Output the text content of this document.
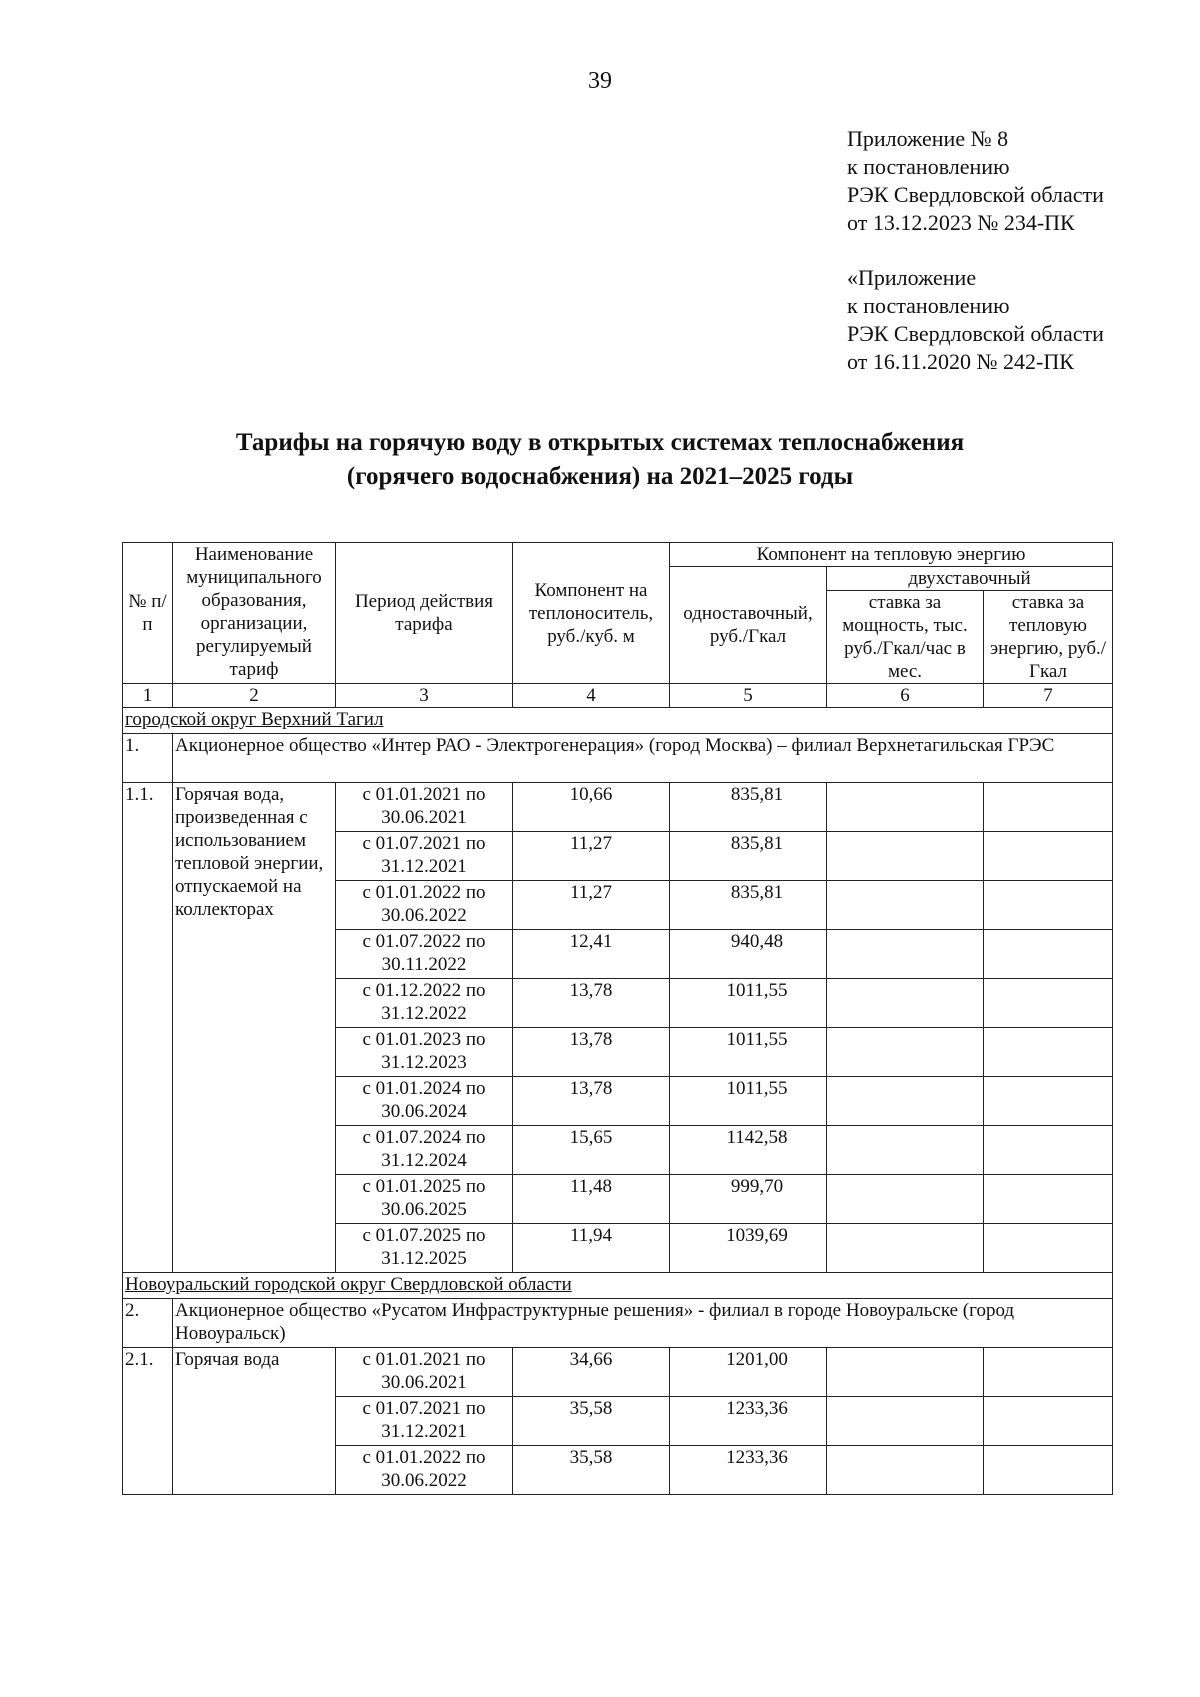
39
Приложение № 8
к постановлению
РЭК Свердловской области
от 13.12.2023 № 234-ПК
«Приложение
к постановлению
РЭК Свердловской области
от 16.11.2020 № 242-ПК
Тарифы на горячую воду в открытых системах теплоснабжения
(горячего водоснабжения) на 2021–2025 годы
№ п/п	Наименование муниципального образования, организации, регулируемый тариф	Период действия тарифа	Компонент на теплоноситель, руб./куб. м	Компонент на тепловую энергию		
				одноставочный, руб./Гкал	двухставочный	
					ставка за мощность, тыс. руб./Гкал/час в мес.	ставка за тепловую энергию, руб./Гкал
1	2	3	4	5	6	7
городской округ Верхний Тагил						
1.	Акционерное общество «Интер РАО - Электрогенерация» (город Москва) – филиал Верхнетагильская ГРЭС					
1.1.	Горячая вода, произведенная с использованием тепловой энергии, отпускаемой на коллекторах	с 01.01.2021 по 30.06.2021	10,66	835,81		
		с 01.07.2021 по 31.12.2021	11,27	835,81		
		с 01.01.2022 по 30.06.2022	11,27	835,81		
		с 01.07.2022 по 30.11.2022	12,41	940,48		
		с 01.12.2022 по 31.12.2022	13,78	1011,55		
		с 01.01.2023 по 31.12.2023	13,78	1011,55		
		с 01.01.2024 по 30.06.2024	13,78	1011,55		
		с 01.07.2024 по 31.12.2024	15,65	1142,58		
		с 01.01.2025 по 30.06.2025	11,48	999,70		
		с 01.07.2025 по 31.12.2025	11,94	1039,69		
Новоуральский городской округ Свердловской области						
2.	Акционерное общество «Русатом Инфраструктурные решения» - филиал в городе Новоуральске (город Новоуральск)					
2.1.	Горячая вода	с 01.01.2021 по 30.06.2021	34,66	1201,00		
		с 01.07.2021 по 31.12.2021	35,58	1233,36		
		с 01.01.2022 по 30.06.2022	35,58	1233,36		
